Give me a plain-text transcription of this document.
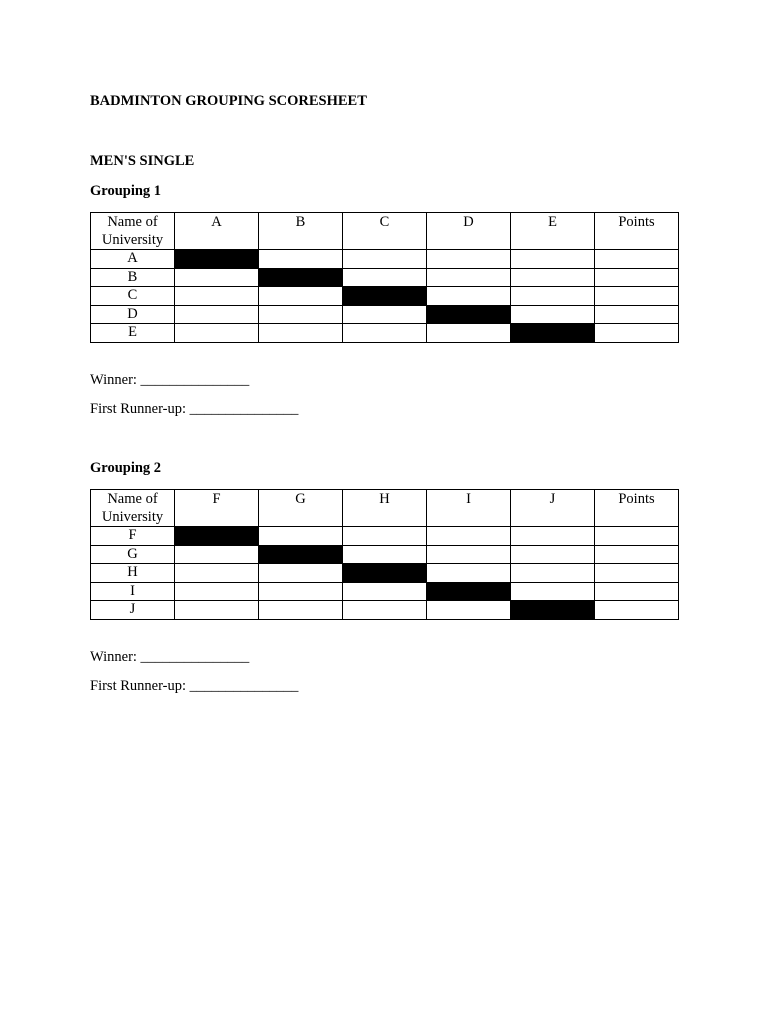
BADMINTON GROUPING SCORESHEET
MEN'S SINGLE
Grouping 1
Name of University	A	B	C	D	E	Points
A						
B						
C						
D						
E						
Winner: _______________
First Runner-up: _______________
Grouping 2
Name of University	F	G	H	I	J	Points
F						
G						
H						
I						
J						
Winner: _______________
First Runner-up: _______________
